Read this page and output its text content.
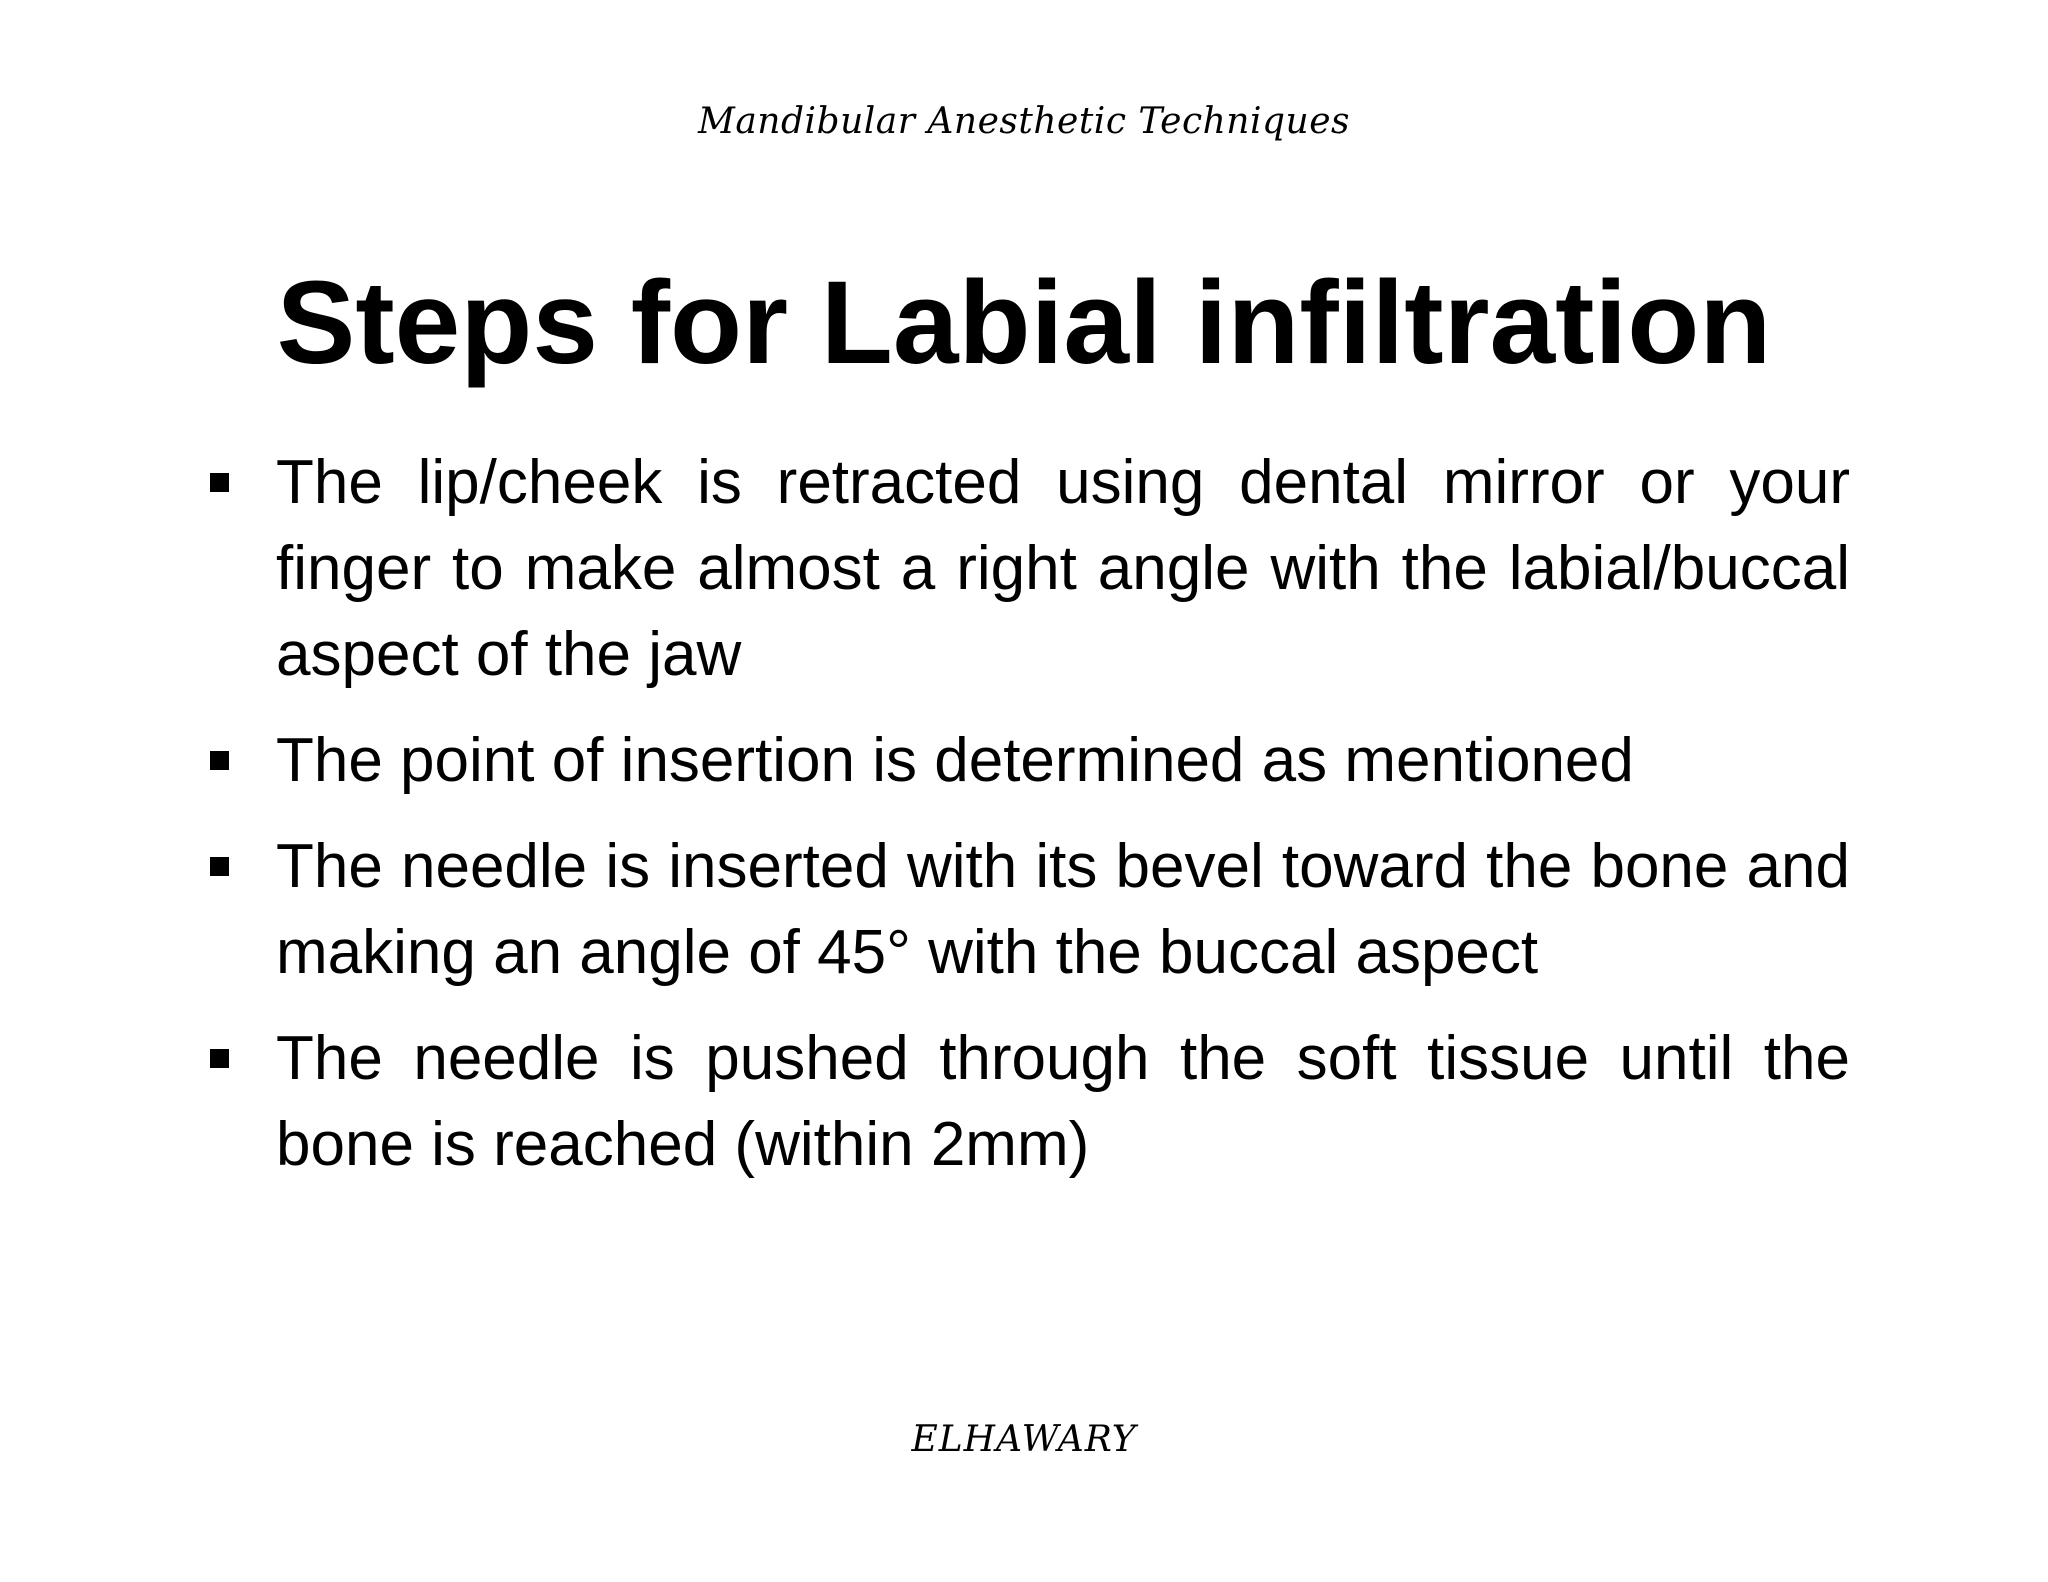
Mandibular Anesthetic Techniques
Steps for Labial infiltration
The lip/cheek is retracted using dental mirror or your finger to make almost a right angle with the labial/buccal aspect of the jaw
The point of insertion is determined as mentioned
The needle is inserted with its bevel toward the bone and making an angle of 45° with the buccal aspect
The needle is pushed through the soft tissue until the bone is reached (within 2mm)
ELHAWARY
